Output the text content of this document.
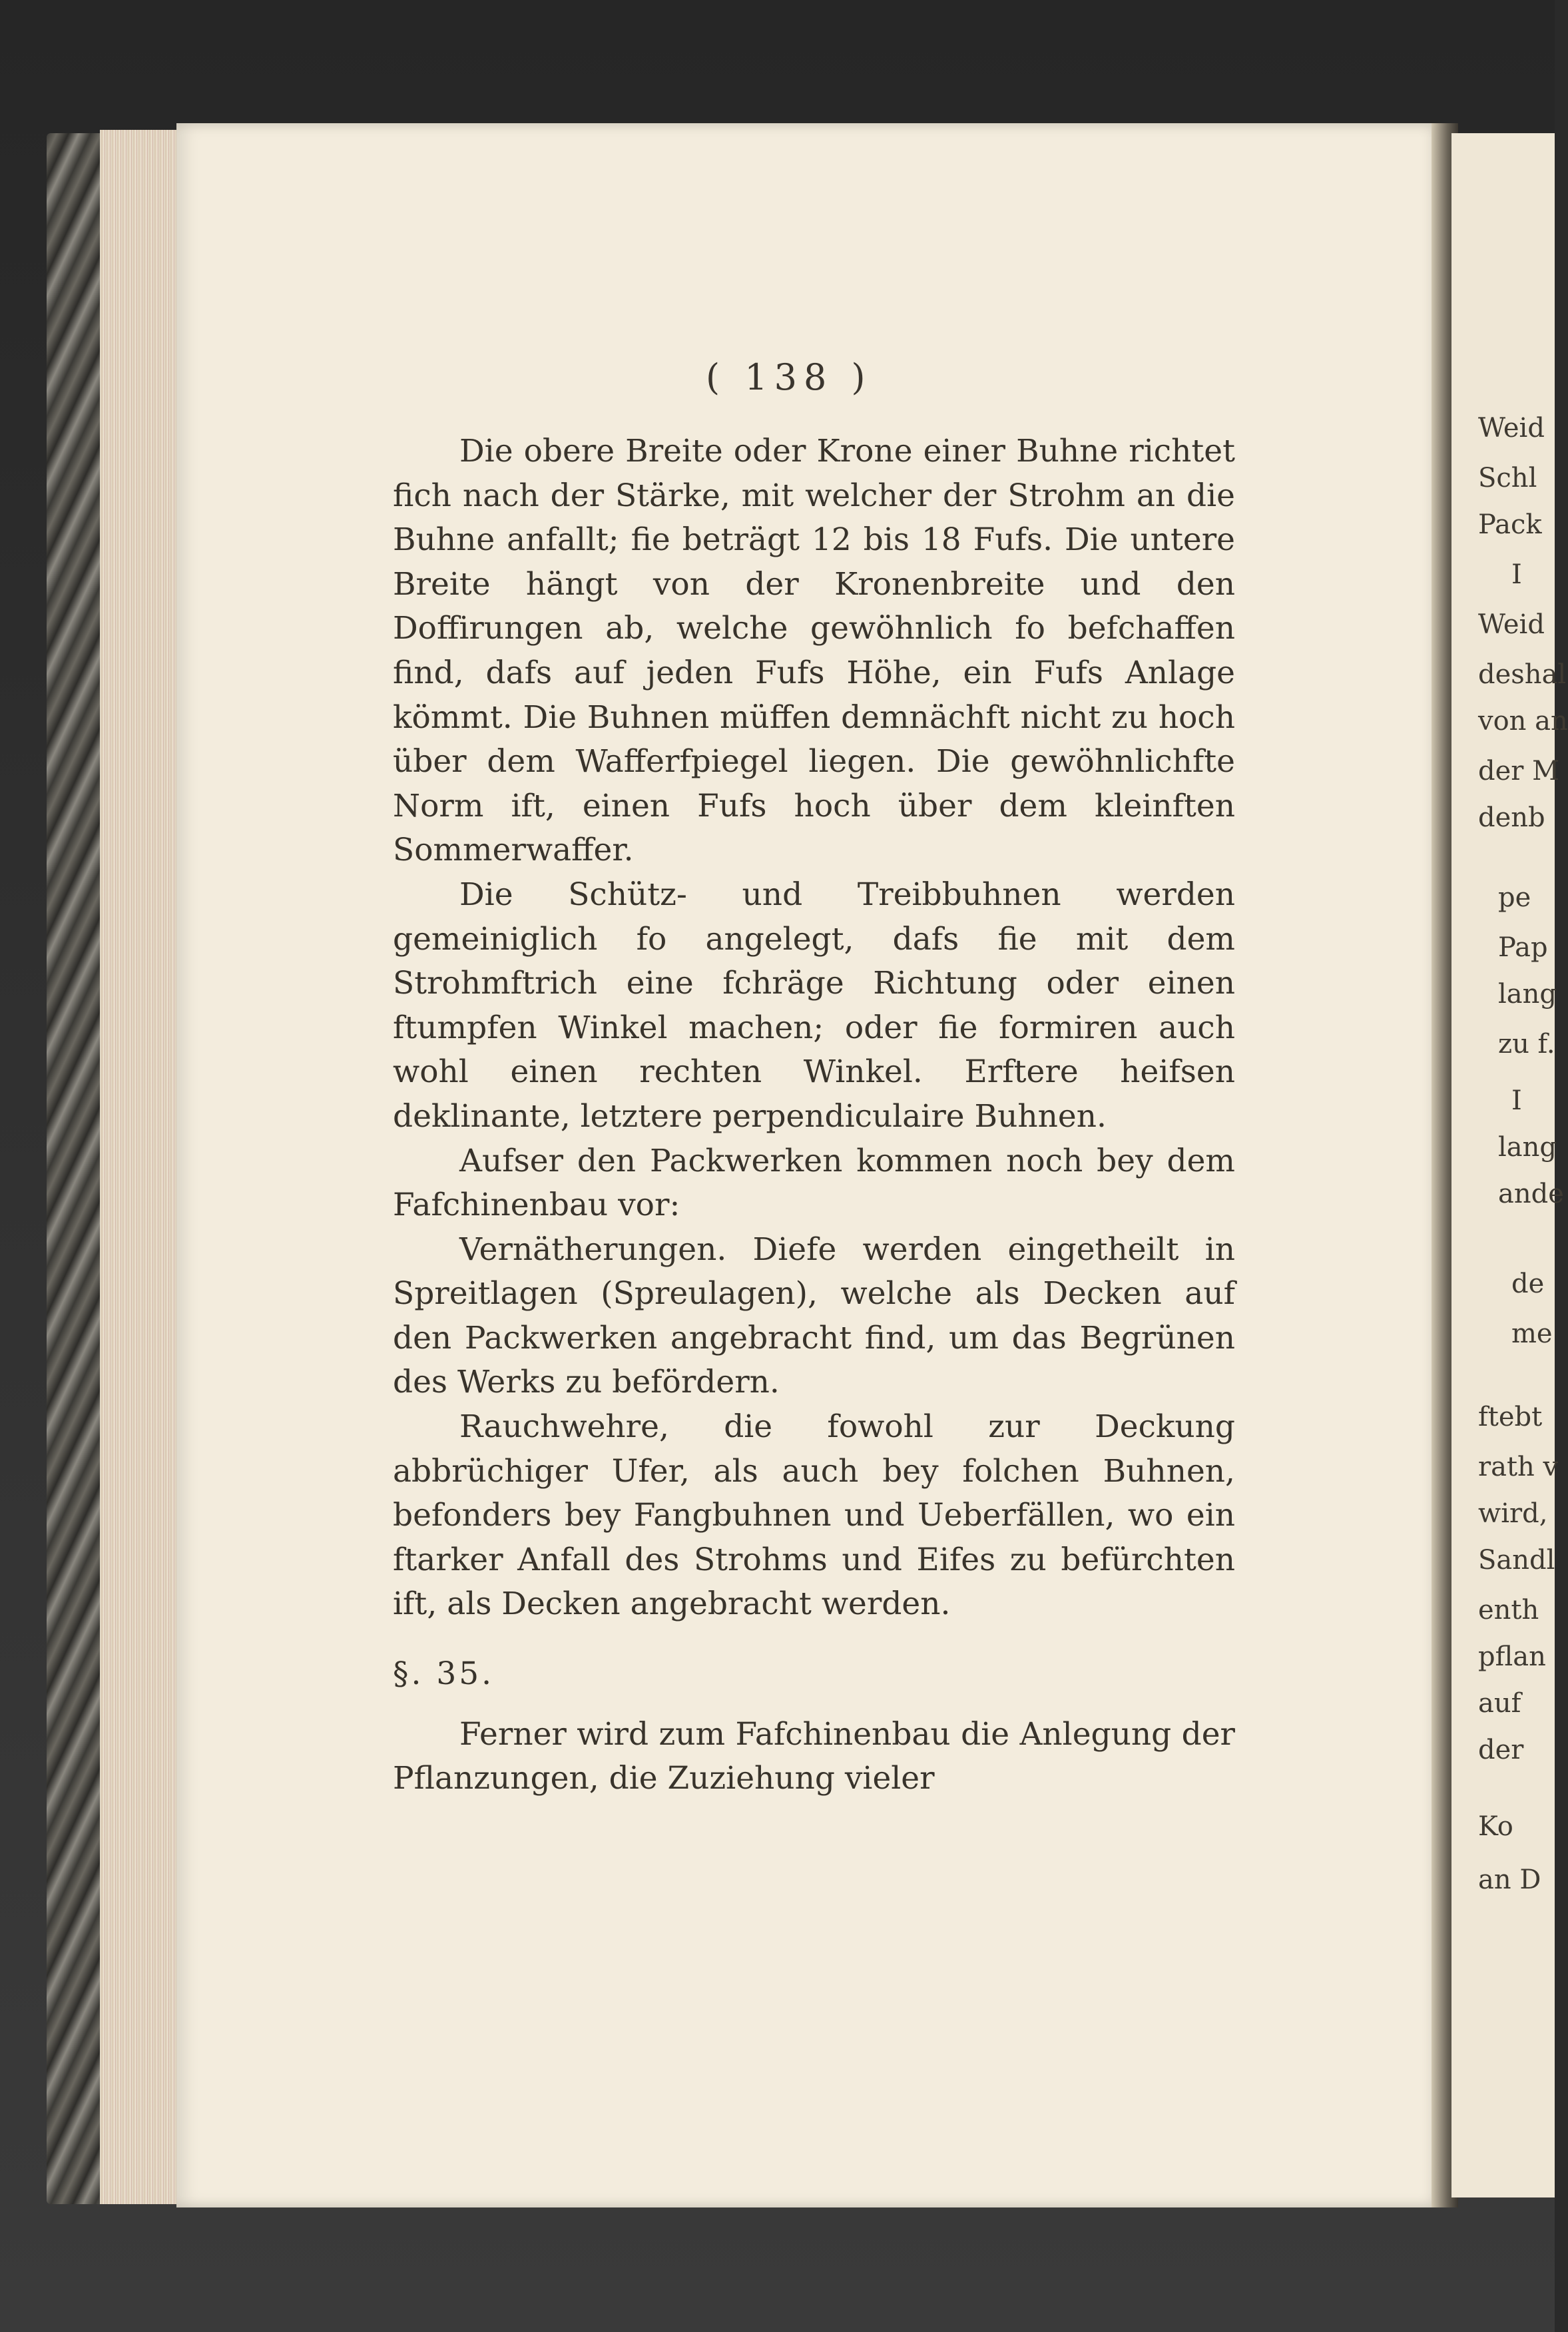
Weid
Schl
Pack
I
Weid
deshal
von an
der M
denb
pe
Pap
lang
zu f.
I
lang
ande
de
me
ftebt
rath v
wird,
Sandl
enth
pflan
auf
der
Ko
an D
( 138 )

Die obere Breite oder Krone einer Buhne richtet fich nach der Stärke, mit welcher der Strohm an die Buhne anfallt; fie beträgt 12 bis 18 Fufs. Die untere Breite hängt von der Kronenbreite und den Doffirungen ab, welche gewöhnlich fo befchaffen find, dafs auf jeden Fufs Höhe, ein Fufs Anlage kömmt. Die Buhnen müffen demnächft nicht zu hoch über dem Wafferfpiegel liegen. Die gewöhnlichfte Norm ift, einen Fufs hoch über dem kleinften Sommerwaffer.

Die Schütz- und Treibbuhnen werden gemeiniglich fo angelegt, dafs fie mit dem Strohmftrich eine fchräge Richtung oder einen ftumpfen Winkel machen; oder fie formiren auch wohl einen rechten Winkel. Erftere heifsen deklinante, letztere perpendiculaire Buhnen.

Aufser den Packwerken kommen noch bey dem Fafchinenbau vor:

Vernätherungen. Diefe werden eingetheilt in Spreitlagen (Spreulagen), welche als Decken auf den Packwerken angebracht find, um das Begrünen des Werks zu befördern.

Rauchwehre, die fowohl zur Deckung abbrüchiger Ufer, als auch bey folchen Buhnen, befonders bey Fangbuhnen und Ueberfällen, wo ein ftarker Anfall des Strohms und Eifes zu befürchten ift, als Decken angebracht werden.

§. 35.

Ferner wird zum Fafchinenbau die Anlegung der Pflanzungen, die Zuziehung vieler
